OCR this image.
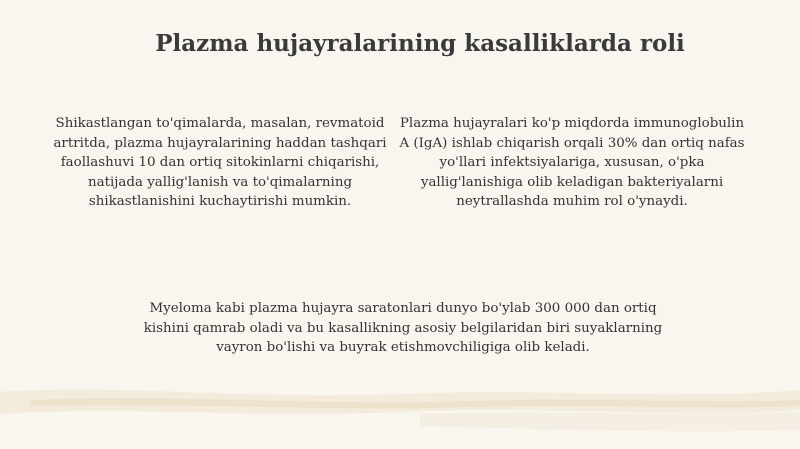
Plazma hujayralarining kasalliklarda roli

Shikastlangan to'qimalarda, masalan, revmatoid artritda, plazma hujayralarining haddan tashqari faollashuvi 10 dan ortiq sitokinlarni chiqarishi, natijada yallig'lanish va to'qimalarning shikastlanishini kuchaytirishi mumkin.

Plazma hujayralari ko'p miqdorda immunoglobulin A (IgA) ishlab chiqarish orqali 30% dan ortiq nafas yo'llari infektsiyalariga, xususan, o'pka yallig'lanishiga olib keladigan bakteriyalarni neytrallashda muhim rol o'ynaydi.

Myeloma kabi plazma hujayra saratonlari dunyo bo'ylab 300 000 dan ortiq kishini qamrab oladi va bu kasallikning asosiy belgilaridan biri suyaklarning vayron bo'lishi va buyrak etishmovchiligiga olib keladi.
